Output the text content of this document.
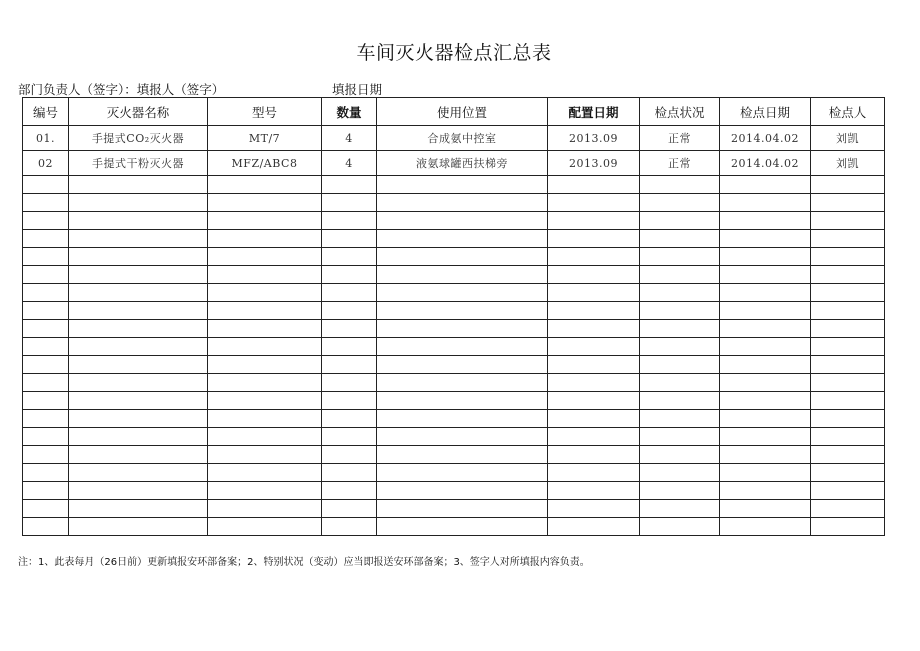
车间灭火器检点汇总表
部门负责人（签字）：填报人（签字）	填报日期
编号	灭火器名称	型号	数量	使用位置	配置日期	检点状况	检点日期	检点人
01.	手提式CO₂灭火器	MT/7	4	合成氨中控室	2013.09	正常	2014.04.02	刘凯
02	手提式干粉灭火器	MFZ/ABC8	4	液氨球罐西扶梯旁	2013.09	正常	2014.04.02	刘凯

注：1、此表每月（26日前）更新填报安环部备案；2、特别状况（变动）应当即报送安环部备案；3、签字人对所填报内容负责。
